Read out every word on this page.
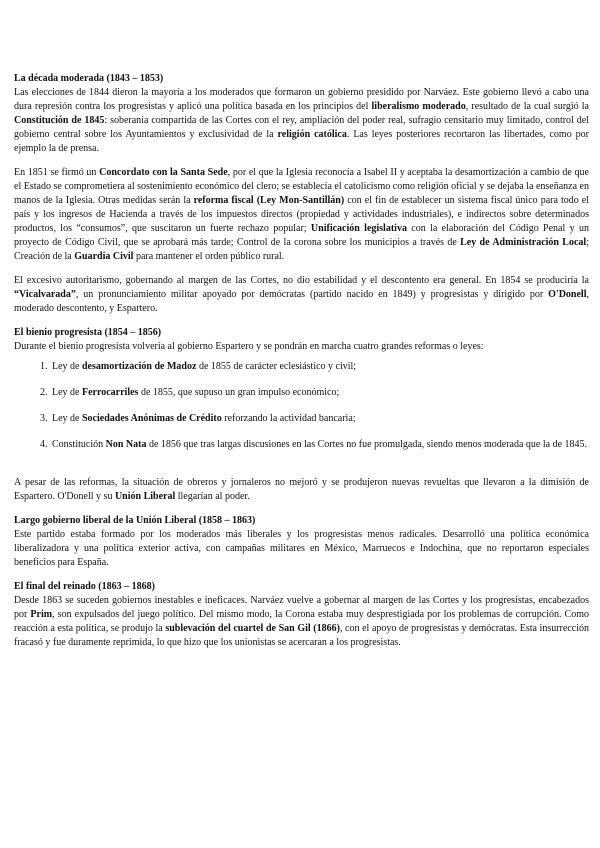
La década moderada (1843 – 1853)

Las elecciones de 1844 dieron la mayoría a los moderados que formaron un gobierno presidido por Narváez. Este gobierno llevó a cabo una dura represión contra los progresistas y aplicó una política basada en los principios del liberalismo moderado, resultado de la cual surgió la Constitución de 1845: soberanía compartida de las Cortes con el rey, ampliación del poder real, sufragio censitario muy limitado, control del gobierno central sobre los Ayuntamientos y exclusividad de la religión católica. Las leyes posteriores recortaron las libertades, como por ejemplo la de prensa.

En 1851 se firmó un Concordato con la Santa Sede, por el que la Iglesia reconocía a Isabel II y aceptaba la desamortización a cambio de que el Estado se comprometiera al sostenimiento económico del clero; se establecía el catolicismo como religión oficial y se dejaba la enseñanza en manos de la Iglesia. Otras medidas serán la reforma fiscal (Ley Mon-Santillán) con el fin de establecer un sistema fiscal único para todo el país y los ingresos de Hacienda a través de los impuestos directos (propiedad y actividades industriales), e indirectos sobre determinados productos, los “consumos”, que suscitaron un fuerte rechazo popular; Unificación legislativa con la elaboración del Código Penal y un proyecto de Código Civil, que se aprobará más tarde; Control de la corona sobre los municipios a través de Ley de Administración Local; Creación de la Guardia Civil para mantener el orden público rural.

El excesivo autoritarismo, gobernando al margen de las Cortes, no dio estabilidad y el descontento era general. En 1854 se produciría la “Vicalvarada”, un pronunciamiento militar apoyado por demócratas (partido nacido en 1849) y progresistas y dirigido por O'Donell, moderado descontento, y Espartero.

El bienio progresista (1854 – 1856)

Durante el bienio progresista volvería al gobierno Espartero y se pondrán en marcha cuatro grandes reformas o leyes:

1. Ley de desamortización de Madoz de 1855 de carácter eclesiástico y civil;
2. Ley de Ferrocarriles de 1855, que supuso un gran impulso económico;
3. Ley de Sociedades Anónimas de Crédito reforzando la actividad bancaria;
4. Constitución Non Nata de 1856 que tras largas discusiones en las Cortes no fue promulgada, siendo menos moderada que la de 1845.

A pesar de las reformas, la situación de obreros y jornaleros no mejoró y se produjeron nuevas revueltas que llevaron a la dimisión de Espartero. O'Donell y su Unión Liberal llegarían al poder.

Largo gobierno liberal de la Unión Liberal (1858 – 1863)

Este partido estaba formado por los moderados más liberales y los progresistas menos radicales. Desarrolló una política económica liberalizadora y una política exterior activa, con campañas militares en México, Marruecos e Indochina, que no reportaron especiales beneficios para España.

El final del reinado (1863 – 1868)

Desde 1863 se suceden gobiernos inestables e ineficaces. Narváez vuelve a gobernar al margen de las Cortes y los progresistas, encabezados por Prim, son expulsados del juego político. Del mismo modo, la Corona estaba muy desprestigiada por los problemas de corrupción. Como reacción a esta política, se produjo la sublevación del cuartel de San Gil (1866), con el apoyo de progresistas y demócratas. Esta insurrección fracasó y fue duramente reprimida, lo que hizo que los unionistas se acercaran a los progresistas.
